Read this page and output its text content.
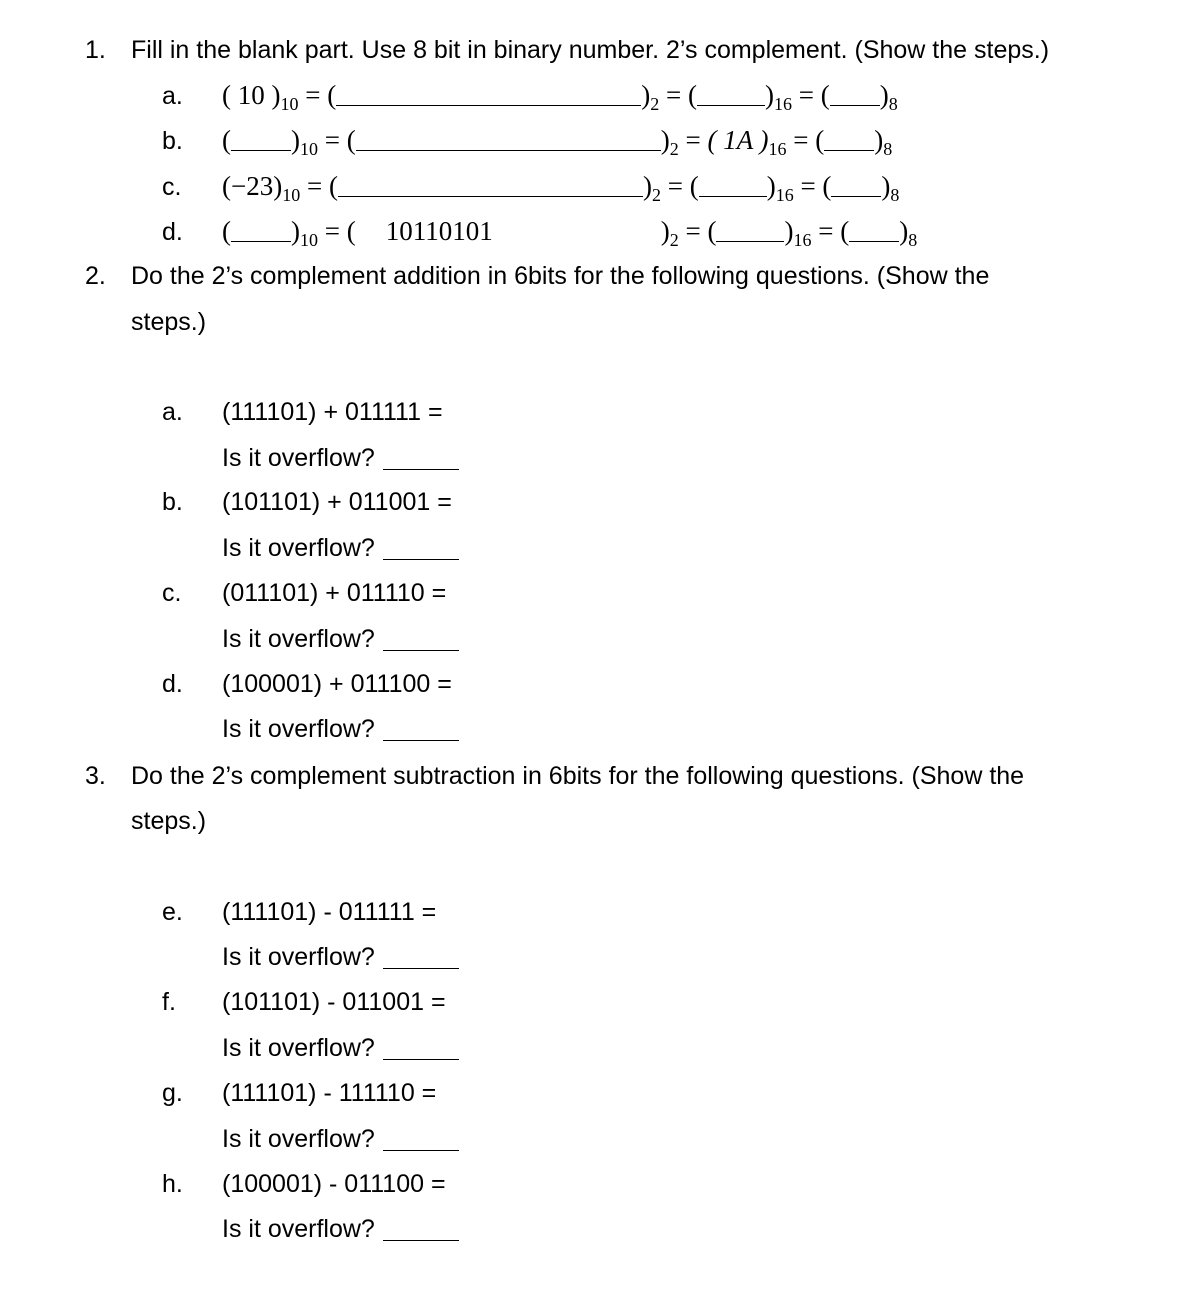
1. Fill in the blank part. Use 8 bit in binary number. 2’s complement. (Show the steps.)
a. ( 10 )$_{10}$ = (	)$_2$ = (	)$_{16}$ = ( )$_8$
b. ( )$_{10}$ = (	)$_2$ = ( 1A )$_{16}$ = ( )$_8$
c. $(-23)_{10}$ = (	)$_2$ = (	)$_{16}$ = ( )$_8$
d. ( )$_{10}$ = ( 10110101	)$_2$ = (	)$_{16}$ = ( )$_8$
2. Do the 2’s complement addition in 6bits for the following questions. (Show the
steps.)
a. (111101) + 011111 =
Is it overflow?
b. (101101) + 011001 =
Is it overflow?
c. (011101) + 011110 =
Is it overflow?
d. (100001) + 011100 =
Is it overflow?
3. Do the 2’s complement subtraction in 6bits for the following questions. (Show the
steps.)
e. (111101) - 011111 =
Is it overflow?
f. (101101) - 011001 =
Is it overflow?
g. (111101) - 111110 =
Is it overflow?
h. (100001) - 011100 =
Is it overflow?
